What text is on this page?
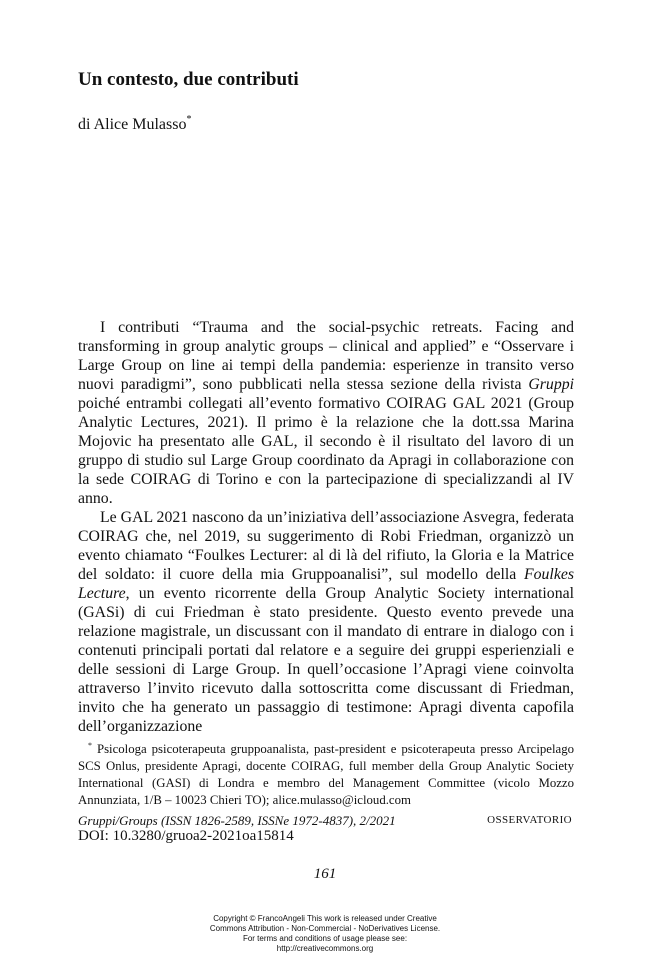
Un contesto, due contributi
di Alice Mulasso*

I contributi “Trauma and the social-psychic retreats. Facing and transforming in group analytic groups – clinical and applied” e “Osservare i Large Group on line ai tempi della pandemia: esperienze in transito verso nuovi paradigmi”, sono pubblicati nella stessa sezione della rivista Gruppi poiché entrambi collegati all’evento formativo COIRAG GAL 2021 (Group Analytic Lectures, 2021). Il primo è la relazione che la dott.ssa Marina Mojovic ha presentato alle GAL, il secondo è il risultato del lavoro di un gruppo di studio sul Large Group coordinato da Apragi in collaborazione con la sede COIRAG di Torino e con la partecipazione di specializzandi al IV anno.

Le GAL 2021 nascono da un’iniziativa dell’associazione Asvegra, federata COIRAG che, nel 2019, su suggerimento di Robi Friedman, organizzò un evento chiamato “Foulkes Lecturer: al di là del rifiuto, la Gloria e la Matrice del soldato: il cuore della mia Gruppoanalisi”, sul modello della Foulkes Lecture, un evento ricorrente della Group Analytic Society international (GASi) di cui Friedman è stato presidente. Questo evento prevede una relazione magistrale, un discussant con il mandato di entrare in dialogo con i contenuti principali portati dal relatore e a seguire dei gruppi esperienziali e delle sessioni di Large Group. In quell’occasione l’Apragi viene coinvolta attraverso l’invito ricevuto dalla sottoscritta come discussant di Friedman, invito che ha generato un passaggio di testimone: Apragi diventa capofila dell’organizzazione

* Psicologa psicoterapeuta gruppoanalista, past-president e psicoterapeuta presso Arcipelago SCS Onlus, presidente Apragi, docente COIRAG, full member della Group Analytic Society International (GASI) di Londra e membro del Management Committee (vicolo Mozzo Annunziata, 1/B – 10023 Chieri TO); alice.mulasso@icloud.com

Gruppi/Groups (ISSN 1826-2589, ISSNe 1972-4837), 2/2021	OSSERVATORIO
DOI: 10.3280/gruoa2-2021oa15814
161
Copyright © FrancoAngeli This work is released under Creative
Commons Attribution - Non-Commercial - NoDerivatives License.
For terms and conditions of usage please see:
http://creativecommons.org
